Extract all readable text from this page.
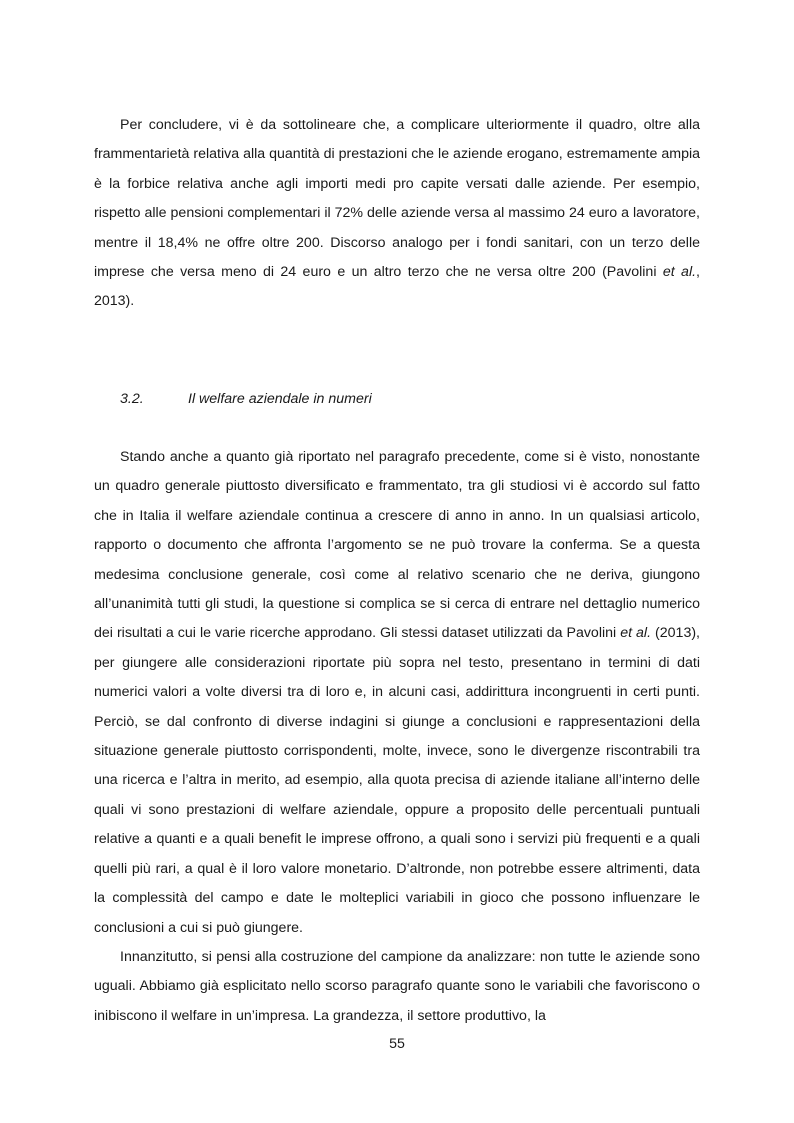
Per concludere, vi è da sottolineare che, a complicare ulteriormente il quadro, oltre alla frammentarietà relativa alla quantità di prestazioni che le aziende erogano, estremamente ampia è la forbice relativa anche agli importi medi pro capite versati dalle aziende. Per esempio, rispetto alle pensioni complementari il 72% delle aziende versa al massimo 24 euro a lavoratore, mentre il 18,4% ne offre oltre 200. Discorso analogo per i fondi sanitari, con un terzo delle imprese che versa meno di 24 euro e un altro terzo che ne versa oltre 200 (Pavolini et al., 2013).

3.2.	Il welfare aziendale in numeri

Stando anche a quanto già riportato nel paragrafo precedente, come si è visto, nonostante un quadro generale piuttosto diversificato e frammentato, tra gli studiosi vi è accordo sul fatto che in Italia il welfare aziendale continua a crescere di anno in anno. In un qualsiasi articolo, rapporto o documento che affronta l’argomento se ne può trovare la conferma. Se a questa medesima conclusione generale, così come al relativo scenario che ne deriva, giungono all’unanimità tutti gli studi, la questione si complica se si cerca di entrare nel dettaglio numerico dei risultati a cui le varie ricerche approdano. Gli stessi dataset utilizzati da Pavolini et al. (2013), per giungere alle considerazioni riportate più sopra nel testo, presentano in termini di dati numerici valori a volte diversi tra di loro e, in alcuni casi, addirittura incongruenti in certi punti. Perciò, se dal confronto di diverse indagini si giunge a conclusioni e rappresentazioni della situazione generale piuttosto corrispondenti, molte, invece, sono le divergenze riscontrabili tra una ricerca e l’altra in merito, ad esempio, alla quota precisa di aziende italiane all’interno delle quali vi sono prestazioni di welfare aziendale, oppure a proposito delle percentuali puntuali relative a quanti e a quali benefit le imprese offrono, a quali sono i servizi più frequenti e a quali quelli più rari, a qual è il loro valore monetario. D’altronde, non potrebbe essere altrimenti, data la complessità del campo e date le molteplici variabili in gioco che possono influenzare le conclusioni a cui si può giungere.

Innanzitutto, si pensi alla costruzione del campione da analizzare: non tutte le aziende sono uguali. Abbiamo già esplicitato nello scorso paragrafo quante sono le variabili che favoriscono o inibiscono il welfare in un’impresa. La grandezza, il settore produttivo, la

55
